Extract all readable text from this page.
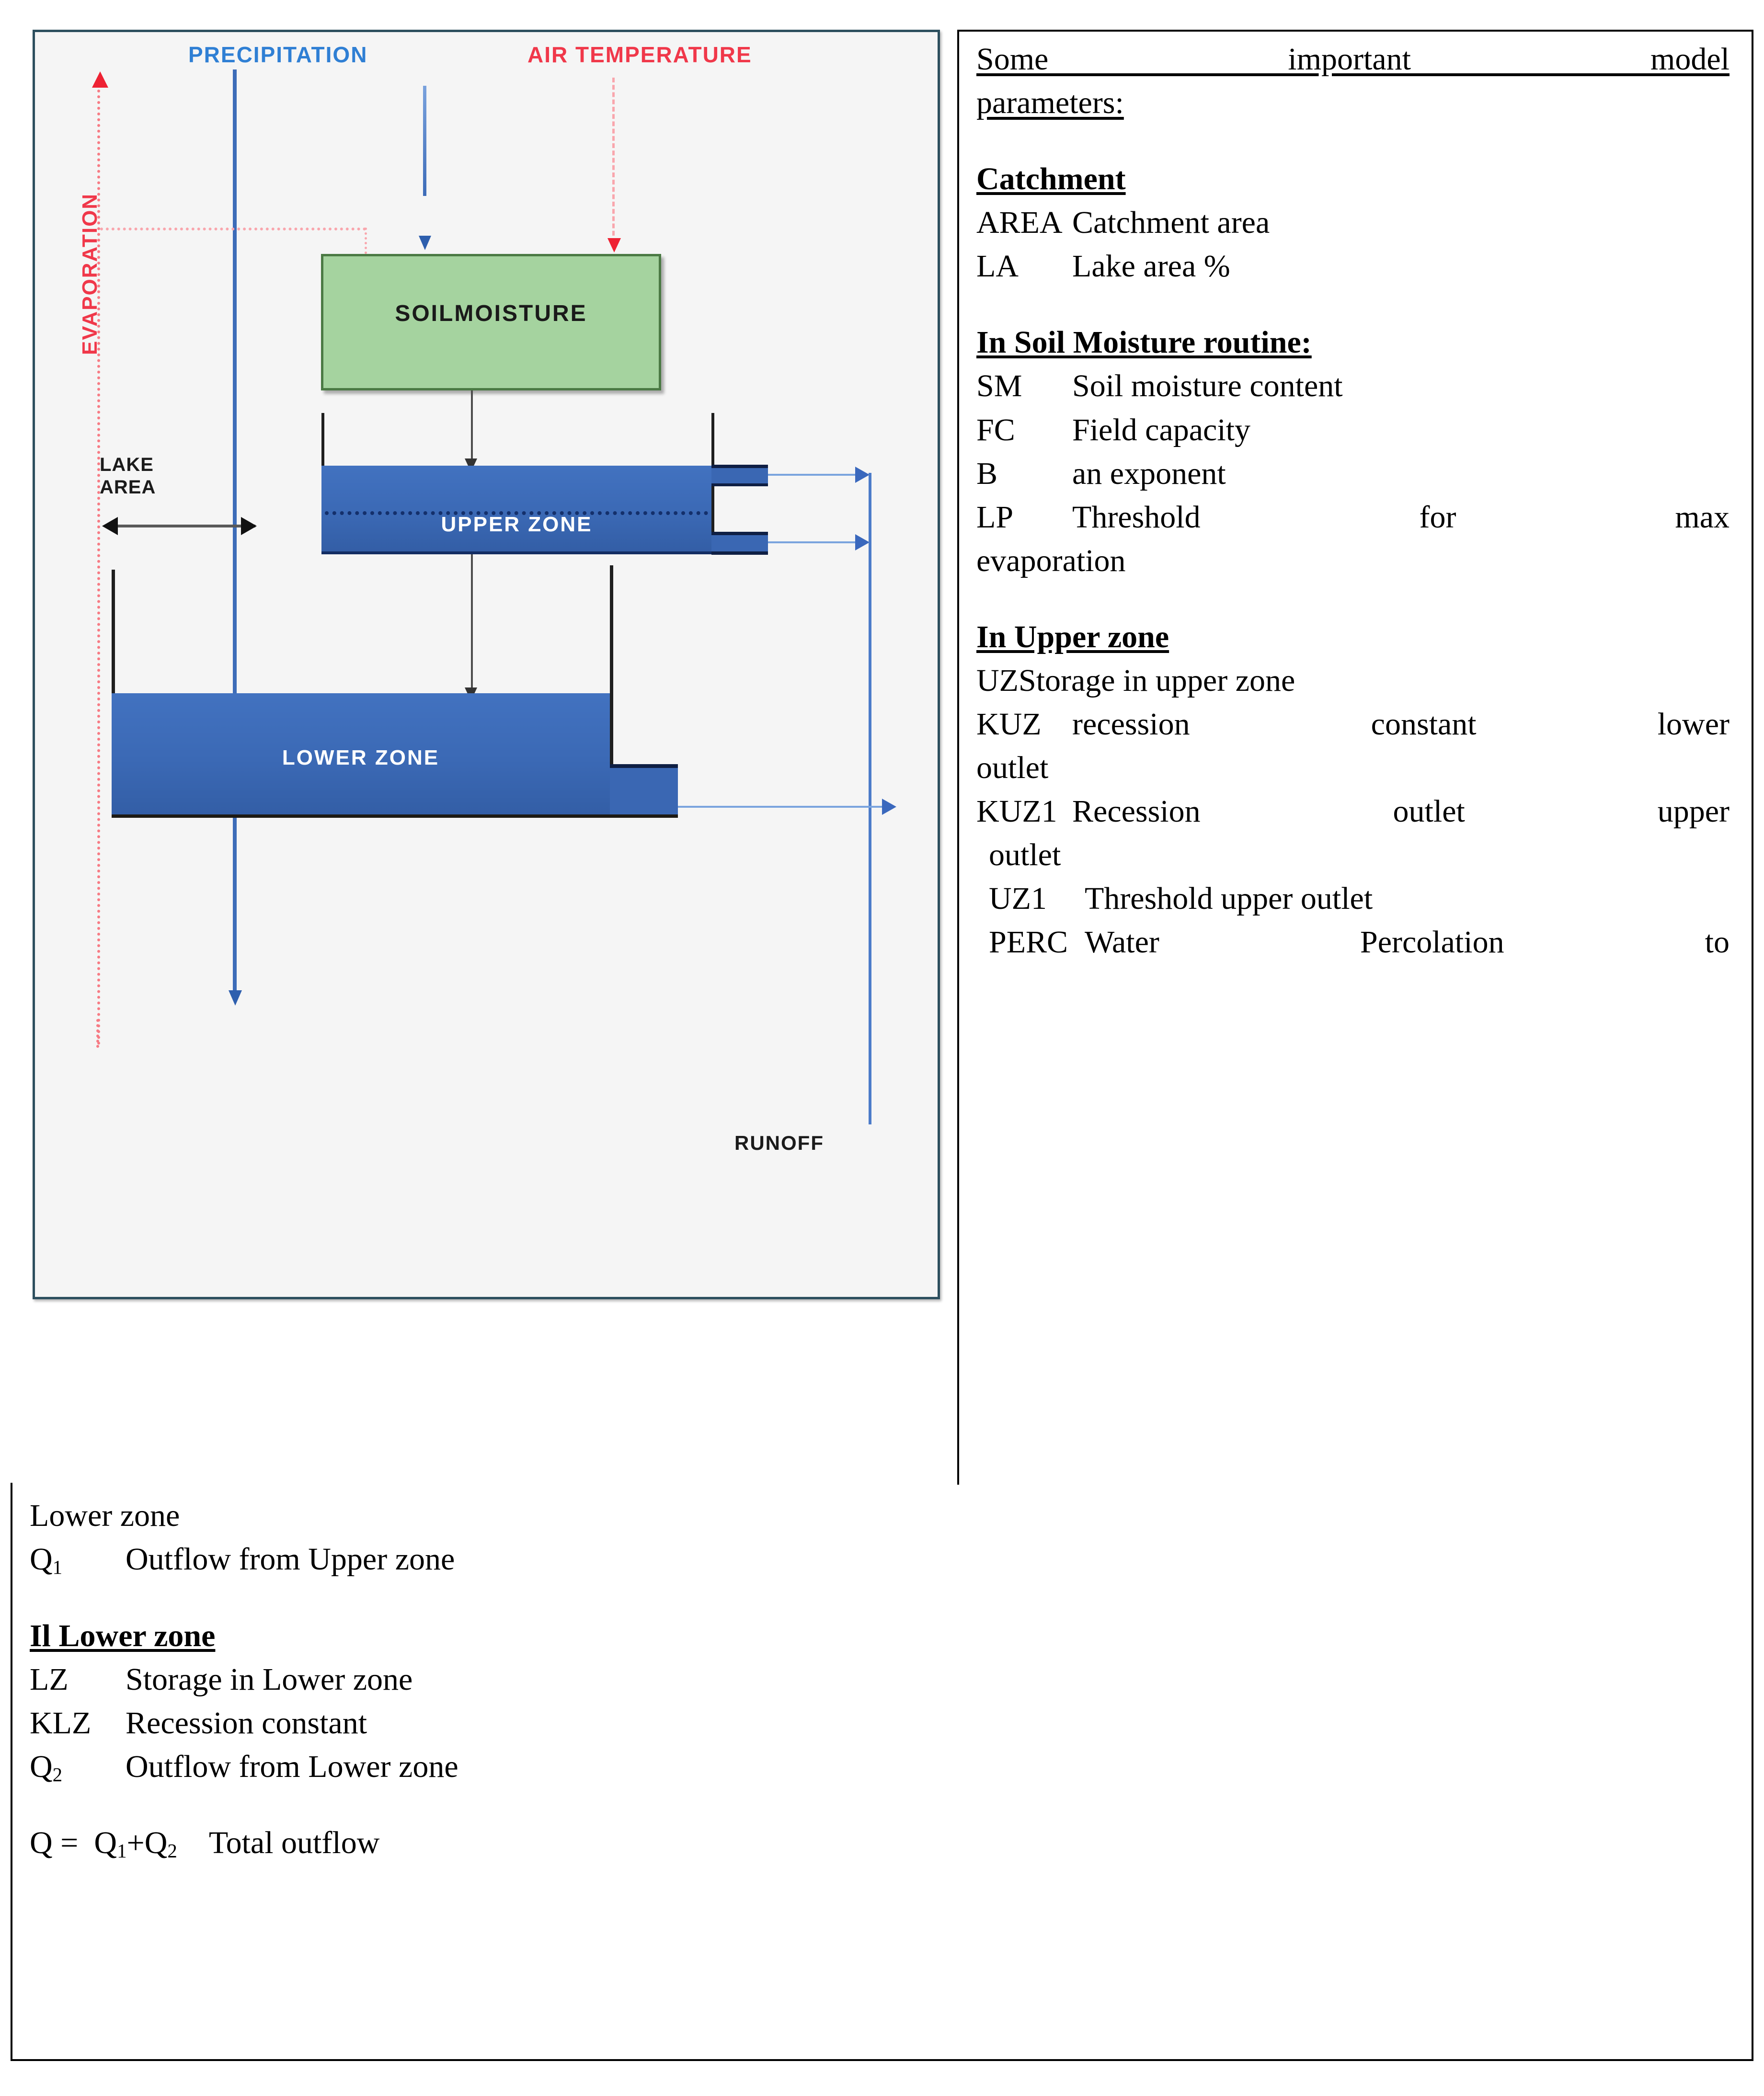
PRECIPITATION	AIR TEMPERATURE
EVAPORATION	SOILMOISTURE
UPPER ZONE
LAKE
AREA
LOWER ZONE
RUNOFF
Some important model
parameters:
Catchment
AREA Catchment area
LA Lake area %
In Soil Moisture routine:
SM Soil moisture content
FC Field capacity
B an exponent
LP Threshold for max
evaporation
In Upper zone
UZStorage in upper zone
KUZ recession constant lower
outlet
KUZ1 Recession outlet upper
outlet
UZ1 Threshold upper outlet
PERC Water Percolation to
Lower zone
$Q_1$ Outflow from Upper zone
Il Lower zone
LZ Storage in Lower zone
KLZ Recession constant
$Q_2$ Outflow from Lower zone
$Q = Q_1+Q_2$ Total outflow
